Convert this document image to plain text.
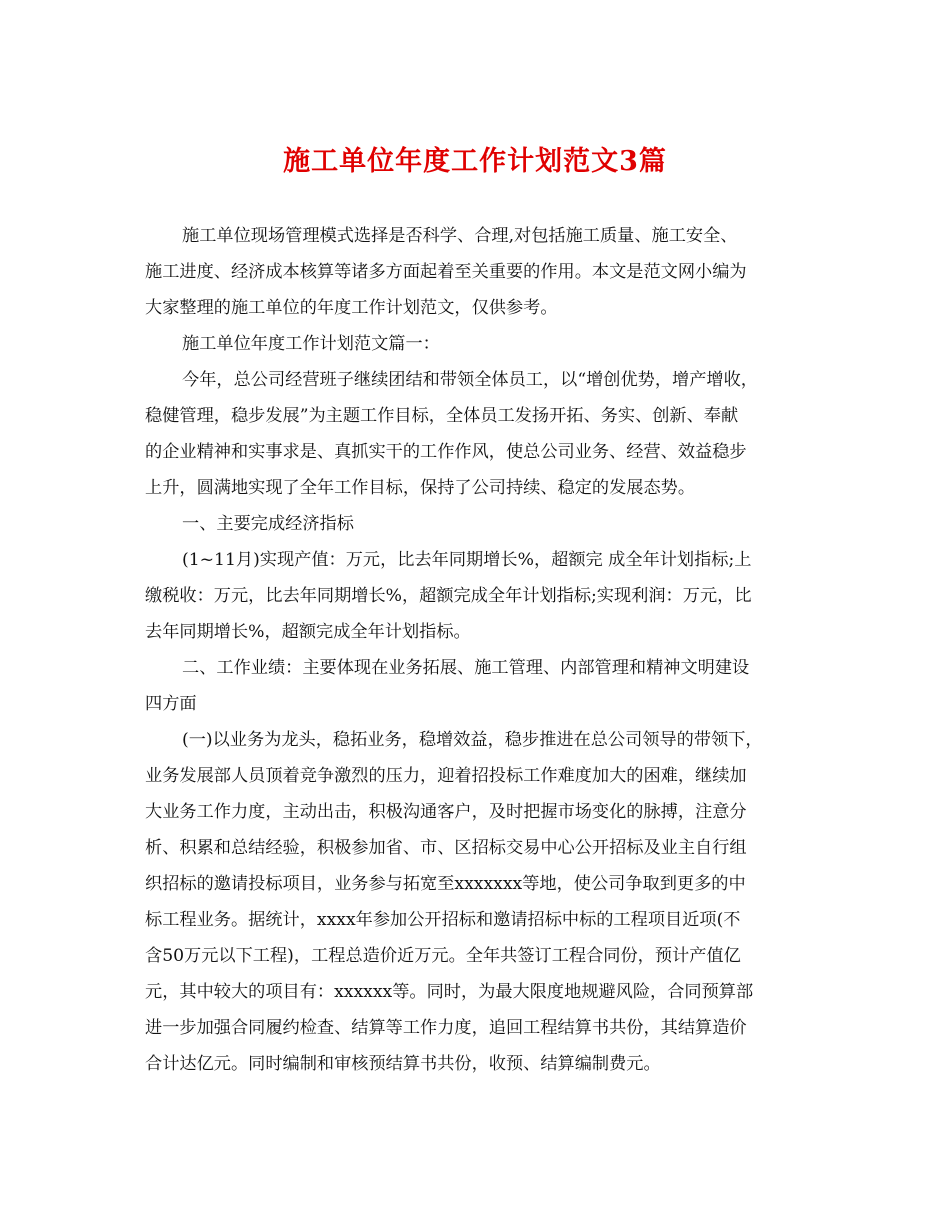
施工单位年度工作计划范文3篇
施工单位现场管理模式选择是否科学、合理,对包括施工质量、施工安全、
施工进度、经济成本核算等诸多方面起着至关重要的作用。本文是范文网小编为
大家整理的施工单位的年度工作计划范文，仅供参考。
施工单位年度工作计划范文篇一：
今年，总公司经营班子继续团结和带领全体员工，以“增创优势，增产增收，
稳健管理，稳步发展”为主题工作目标，全体员工发扬开拓、务实、创新、奉献
的企业精神和实事求是、真抓实干的工作作风，使总公司业务、经营、效益稳步
上升，圆满地实现了全年工作目标，保持了公司持续、稳定的发展态势。
一、主要完成经济指标
(1~11月)实现产值：万元，比去年同期增长%，超额完 成全年计划指标;上
缴税收：万元，比去年同期增长%，超额完成全年计划指标;实现利润：万元，比
去年同期增长%，超额完成全年计划指标。
二、工作业绩：主要体现在业务拓展、施工管理、内部管理和精神文明建设
四方面
(一)以业务为龙头，稳拓业务，稳增效益，稳步推进在总公司领导的带领下，
业务发展部人员顶着竞争激烈的压力，迎着招投标工作难度加大的困难，继续加
大业务工作力度，主动出击，积极沟通客户，及时把握市场变化的脉搏，注意分
析、积累和总结经验，积极参加省、市、区招标交易中心公开招标及业主自行组
织招标的邀请投标项目，业务参与拓宽至xxxxxxx等地，使公司争取到更多的中
标工程业务。据统计，xxxx年参加公开招标和邀请招标中标的工程项目近项(不
含50万元以下工程)，工程总造价近万元。全年共签订工程合同份，预计产值亿
元，其中较大的项目有：xxxxxx等。同时，为最大限度地规避风险，合同预算部
进一步加强合同履约检查、结算等工作力度，追回工程结算书共份，其结算造价
合计达亿元。同时编制和审核预结算书共份，收预、结算编制费元。
